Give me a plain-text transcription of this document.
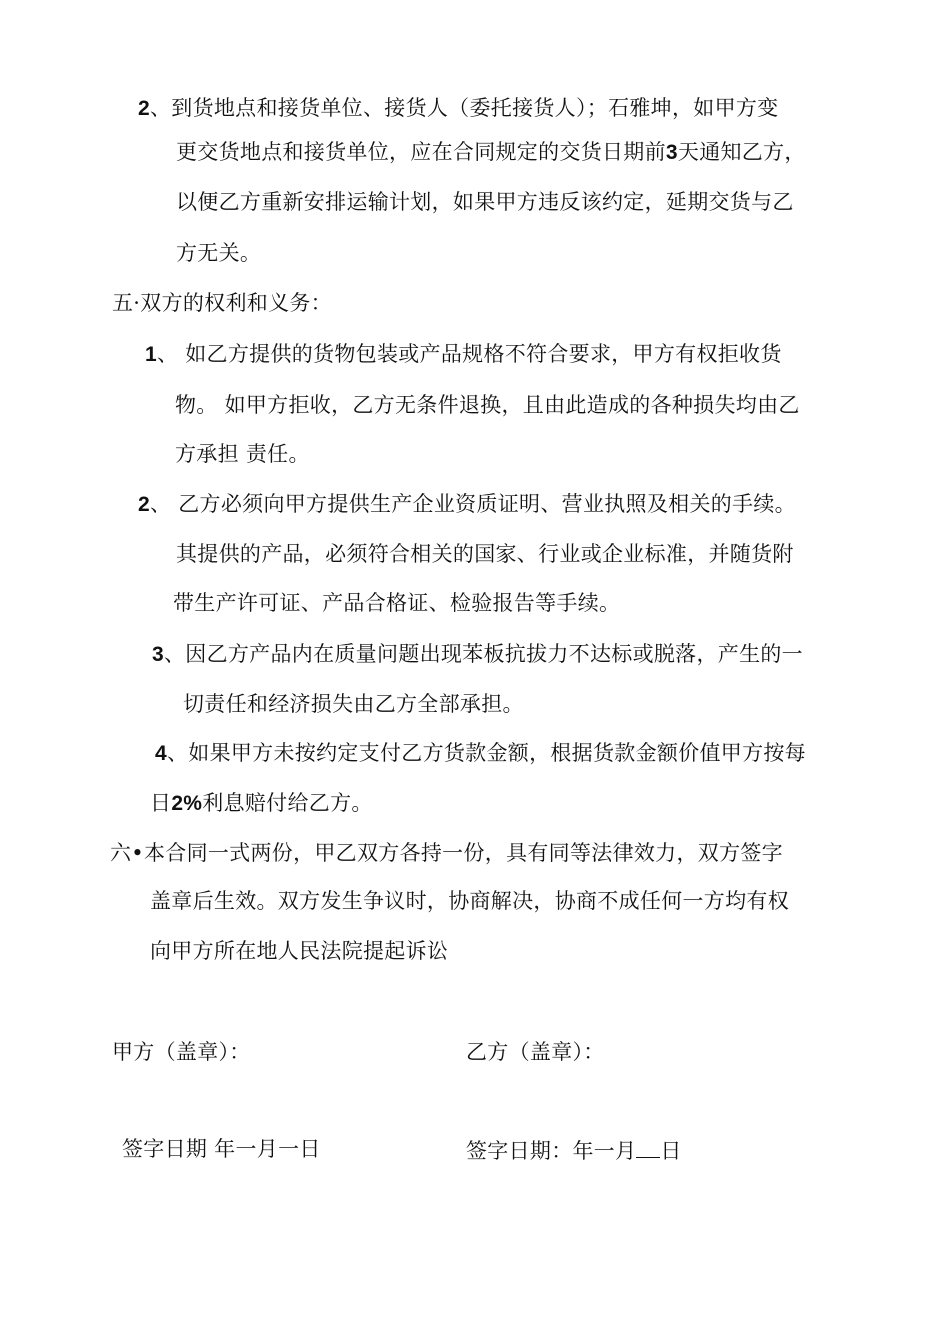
2、到货地点和接货单位、接货人（委托接货人）；石雅坤，如甲方变
更交货地点和接货单位，应在合同规定的交货日期前3天通知乙方，
以便乙方重新安排运输计划，如果甲方违反该约定，延期交货与乙
方无关。
五·双方的权利和义务：
1、 如乙方提供的货物包装或产品规格不符合要求，甲方有权拒收货
物。 如甲方拒收，乙方无条件退换，且由此造成的各种损失均由乙
方承担 责任。
2、 乙方必须向甲方提供生产企业资质证明、营业执照及相关的手续。
其提供的产品，必须符合相关的国家、行业或企业标准，并随货附
带生产许可证、产品合格证、检验报告等手续。
3、因乙方产品内在质量问题出现苯板抗拔力不达标或脱落，产生的一
切责任和经济损失由乙方全部承担。
4、如果甲方未按约定支付乙方货款金额，根据货款金额价值甲方按每
日2%利息赔付给乙方。
六•本合同一式两份，甲乙双方各持一份，具有同等法律效力，双方签字
盖章后生效。双方发生争议时，协商解决，协商不成任何一方均有权
向甲方所在地人民法院提起诉讼
甲方（盖章）：	乙方（盖章）：
签字日期 年一月一日	签字日期：年一月 日
